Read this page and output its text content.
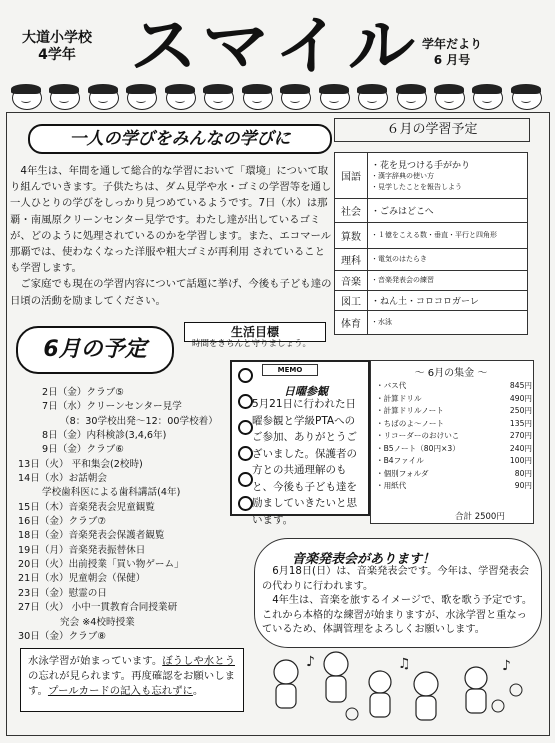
大道小学校
4学年 スマイル 学年だより
6 月号
一人の学びをみんなの学びに

4年生は、年間を通して総合的な学習において「環境」について取り組んでいきます。子供たちは、ダム見学や水・ゴミの学習等を通し一人ひとりの学びをしっかり見つめているようです。7日（水）は那覇・南風原クリーンセンター見学です。わたし達が出しているゴミが、どのように処理されているのかを学習します。また、エコマール那覇では、使わなくなった洋服や粗大ゴミが再利用 されていることも学習します。

ご家庭でも現在の学習内容について話題に挙げ、今後も子ども達の日頃の活動を励ましてください。

６月の学習予定
国語	・花を見つける手がかり
・漢字辞典の使い方
・見学したことを報告しよう

社会	・ごみはどこへ
算数	・１億をこえる数・垂直・平行と四角形
理科	・電気のはたらき
音楽	・音楽発表会の練習
図工	・ねん土・コロコロガーレ
体育	・水泳
生活目標
時間をきちんと守りましょう。
6月の予定
2日（金）クラブ⑤
7日（水）クリーンセンター見学
（8：30学校出発～12：00学校着）
8日（金）内科検診(3,4,6年)
9日（金）クラブ⑥
13日（火） 平和集会(2校時)
14日（水）お話朝会
学校歯科医による歯科講話(4年)
15日（木）音楽発表会児童観覧
16日（金）クラブ⑦
18日（金）音楽発表会保護者観覧
19日（月）音楽発表振替休日
20日（火）出前授業「買い物ゲーム」
21日（水）児童朝会（保健）
23日（金）慰霊の日
27日（火） 小中一貫教育合同授業研
究会 ※4校時授業
30日（金）クラブ⑧
MEMO
日曜参観
5月21日に行われた日曜参観と学級PTAへのご参加、ありがとうございました。保護者の方との共通理解のもと、今後も子ども達を励ましていきたいと思います。
～ 6月の集金 ～
・バス代	845円
・計算ドリル	490円
・計算ドリルノート	250円
・ちばのよ～ノート	135円
・リコーダーのおけいこ	270円
・B5ノート（80円×3）	240円
・B4ファイル	100円
・個別フォルダ	80円
・用紙代	90円
合計 2500円
音楽発表会があります！

6月18日(日）は、音楽発表会です。今年は、学習発表会の代わりに行われます。

4年生は、音楽を旅するイメージで、歌を歌う予定です。これから本格的な練習が始まりますが、水泳学習と重なっているため、体調管理をよろしくお願いします。

♪	♫	♪
水泳学習が始まっています。ぼうしや水とうの忘れが見られます。再度確認をお願いします。プールカードの記入も忘れずに。
